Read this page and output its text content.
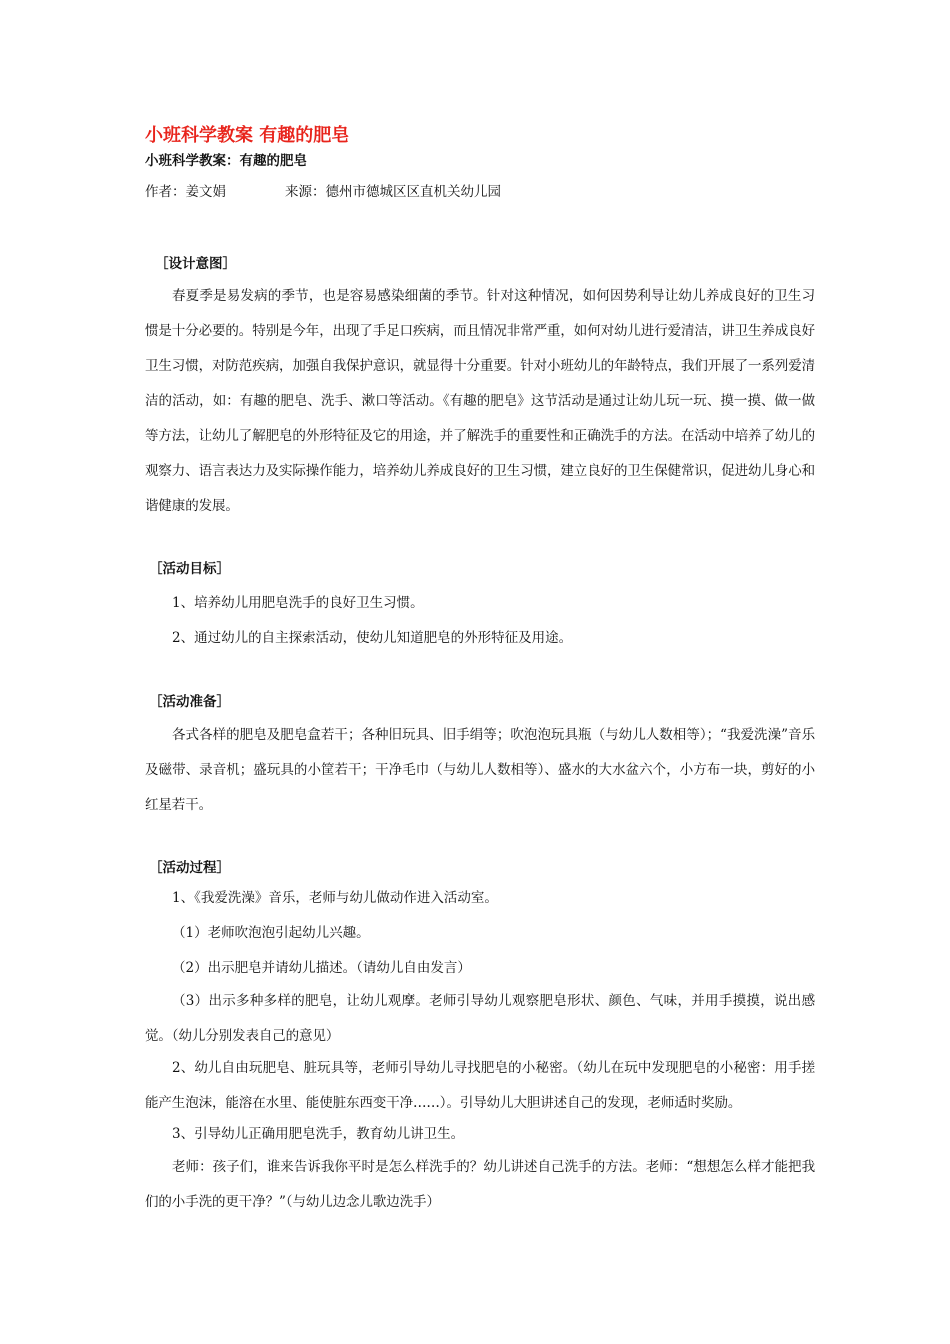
小班科学教案 有趣的肥皂
小班科学教案：有趣的肥皂
作者：姜文娟	来源：德州市德城区区直机关幼儿园
［设计意图］

春夏季是易发病的季节，也是容易感染细菌的季节。针对这种情况，如何因势利导让幼儿养成良好的卫生习惯是十分必要的。特别是今年，出现了手足口疾病，而且情况非常严重，如何对幼儿进行爱清洁，讲卫生养成良好卫生习惯，对防范疾病，加强自我保护意识，就显得十分重要。针对小班幼儿的年龄特点，我们开展了一系列爱清洁的活动，如：有趣的肥皂、洗手、漱口等活动。《有趣的肥皂》这节活动是通过让幼儿玩一玩、摸一摸、做一做等方法，让幼儿了解肥皂的外形特征及它的用途，并了解洗手的重要性和正确洗手的方法。在活动中培养了幼儿的观察力、语言表达力及实际操作能力，培养幼儿养成良好的卫生习惯，建立良好的卫生保健常识，促进幼儿身心和谐健康的发展。

［活动目标］
1、培养幼儿用肥皂洗手的良好卫生习惯。
2、通过幼儿的自主探索活动，使幼儿知道肥皂的外形特征及用途。
［活动准备］

各式各样的肥皂及肥皂盒若干；各种旧玩具、旧手绢等；吹泡泡玩具瓶（与幼儿人数相等）；“我爱洗澡”音乐及磁带、录音机；盛玩具的小筐若干；干净毛巾（与幼儿人数相等）、盛水的大水盆六个，小方布一块，剪好的小红星若干。

［活动过程］
1、《我爱洗澡》音乐，老师与幼儿做动作进入活动室。
（1）老师吹泡泡引起幼儿兴趣。
（2）出示肥皂并请幼儿描述。（请幼儿自由发言）

（3）出示多种多样的肥皂，让幼儿观摩。老师引导幼儿观察肥皂形状、颜色、气味，并用手摸摸，说出感觉。（幼儿分别发表自己的意见）

2、幼儿自由玩肥皂、脏玩具等，老师引导幼儿寻找肥皂的小秘密。（幼儿在玩中发现肥皂的小秘密：用手搓能产生泡沫，能溶在水里、能使脏东西变干净……）。引导幼儿大胆讲述自己的发现，老师适时奖励。

3、引导幼儿正确用肥皂洗手，教育幼儿讲卫生。

老师：孩子们，谁来告诉我你平时是怎么样洗手的？幼儿讲述自己洗手的方法。老师：“想想怎么样才能把我们的小手洗的更干净？”（与幼儿边念儿歌边洗手）
